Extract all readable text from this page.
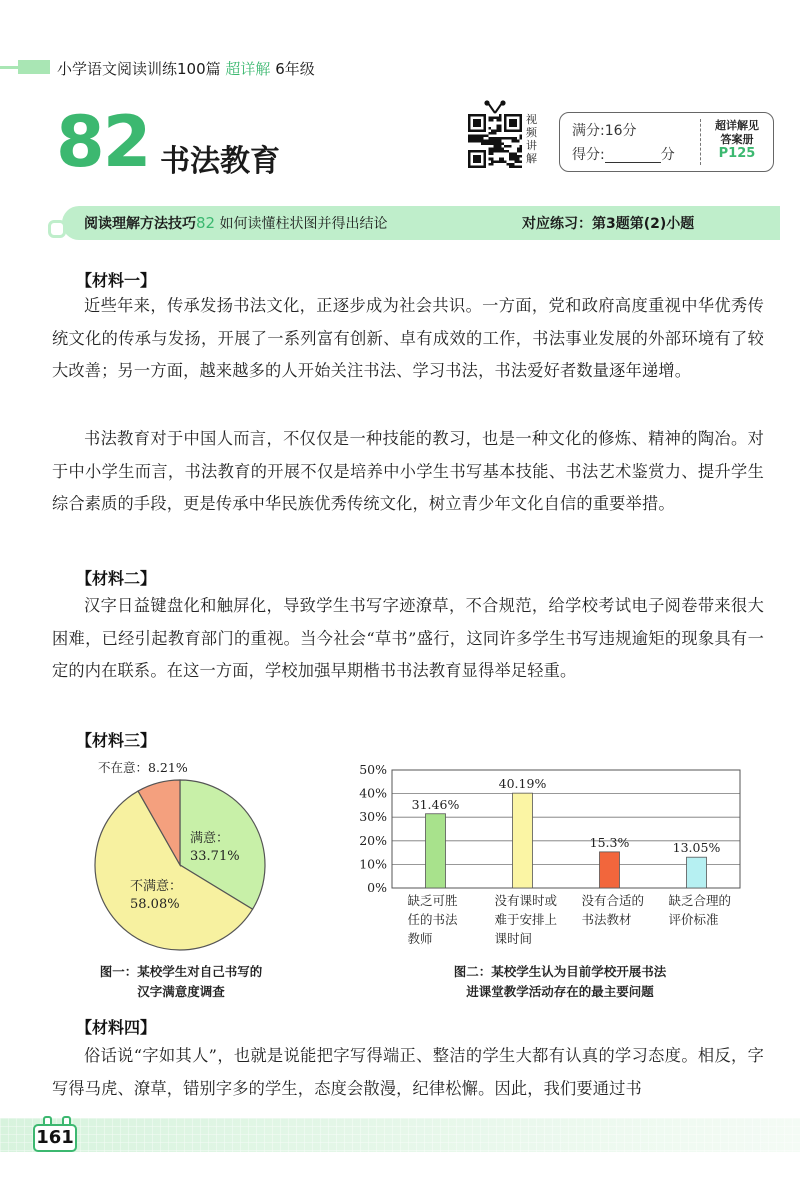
小学语文阅读训练100篇 超详解 6年级
82 书法教育
视频讲解
满分:16分
得分:	分
超详解见
答案册
P125
阅读理解方法技巧82 如何读懂柱状图并得出结论	对应练习：第3题第(2)小题
【材料一】

近些年来，传承发扬书法文化，正逐步成为社会共识。一方面，党和政府高度重视中华优秀传统文化的传承与发扬，开展了一系列富有创新、卓有成效的工作，书法事业发展的外部环境有了较大改善；另一方面，越来越多的人开始关注书法、学习书法，书法爱好者数量逐年递增。

书法教育对于中国人而言，不仅仅是一种技能的教习，也是一种文化的修炼、精神的陶冶。对于中小学生而言，书法教育的开展不仅是培养中小学生书写基本技能、书法艺术鉴赏力、提升学生综合素质的手段，更是传承中华民族优秀传统文化，树立青少年文化自信的重要举措。

【材料二】

汉字日益键盘化和触屏化，导致学生书写字迹潦草，不合规范，给学校考试电子阅卷带来很大困难，已经引起教育部门的重视。当今社会“草书”盛行，这同许多学生书写违规逾矩的现象具有一定的内在联系。在这一方面，学校加强早期楷书书法教育显得举足轻重。

【材料三】
不在意：8.21%
满意：
33.71%
不满意：
58.08%
图一：某校学生对自己书写的
汉字满意度调查
0%
10%
20%
30%
40%
50%
31.46%
缺乏可胜
任的书法
教师
40.19%
没有课时或
难于安排上
课时间
15.3%
没有合适的
书法教材
13.05%
缺乏合理的
评价标准
图二：某校学生认为目前学校开展书法
进课堂教学活动存在的最主要问题
【材料四】

俗话说“字如其人”，也就是说能把字写得端正、整洁的学生大都有认真的学习态度。相反，字写得马虎、潦草，错别字多的学生，态度会散漫，纪律松懈。因此，我们要通过书

161
